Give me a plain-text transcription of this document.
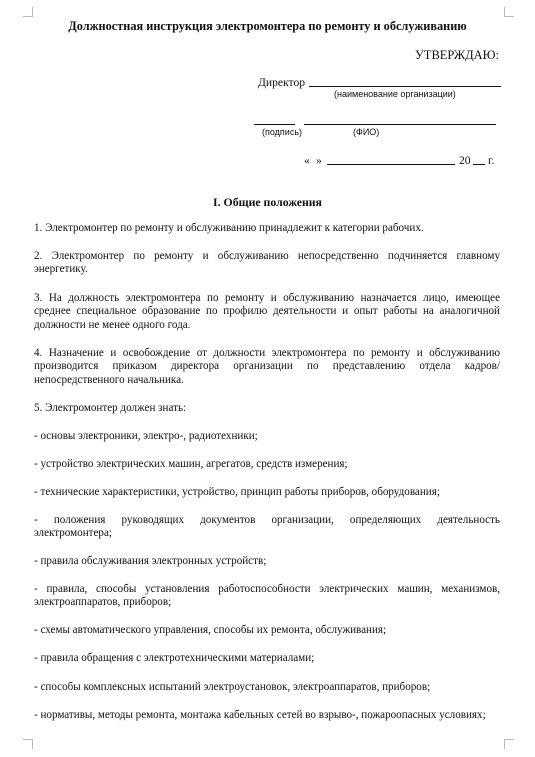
Должностная инструкция электромонтера по ремонту и обслуживанию
УТВЕРЖДАЮ:
Директор
(наименование организации)
(подпись)	(ФИО)
« »	20 г.
I. Общие положения
1. Электромонтер по ремонту и обслуживанию принадлежит к категории рабочих.
2. Электромонтер по ремонту и обслуживанию непосредственно подчиняется главному энергетику.
3. На должность электромонтера по ремонту и обслуживанию назначается лицо, имеющее среднее специальное образование по профилю деятельности и опыт работы на аналогичной должности не менее одного года.
4. Назначение и освобождение от должности электромонтера по ремонту и обслуживанию производится приказом директора организации по представлению отдела кадров/непосредственного начальника.
5. Электромонтер должен знать:
- основы электроники, электро-, радиотехники;
- устройство электрических машин, агрегатов, средств измерения;
- технические характеристики, устройство, принцип работы приборов, оборудования;
- положения руководящих документов организации, определяющих деятельность электромонтера;
- правила обслуживания электронных устройств;
- правила, способы установления работоспособности электрических машин, механизмов, электроаппаратов, приборов;
- схемы автоматического управления, способы их ремонта, обслуживания;
- правила обращения с электротехническими материалами;
- способы комплексных испытаний электроустановок, электроаппаратов, приборов;
- нормативы, методы ремонта, монтажа кабельных сетей во взрыво-, пожароопасных условиях;
